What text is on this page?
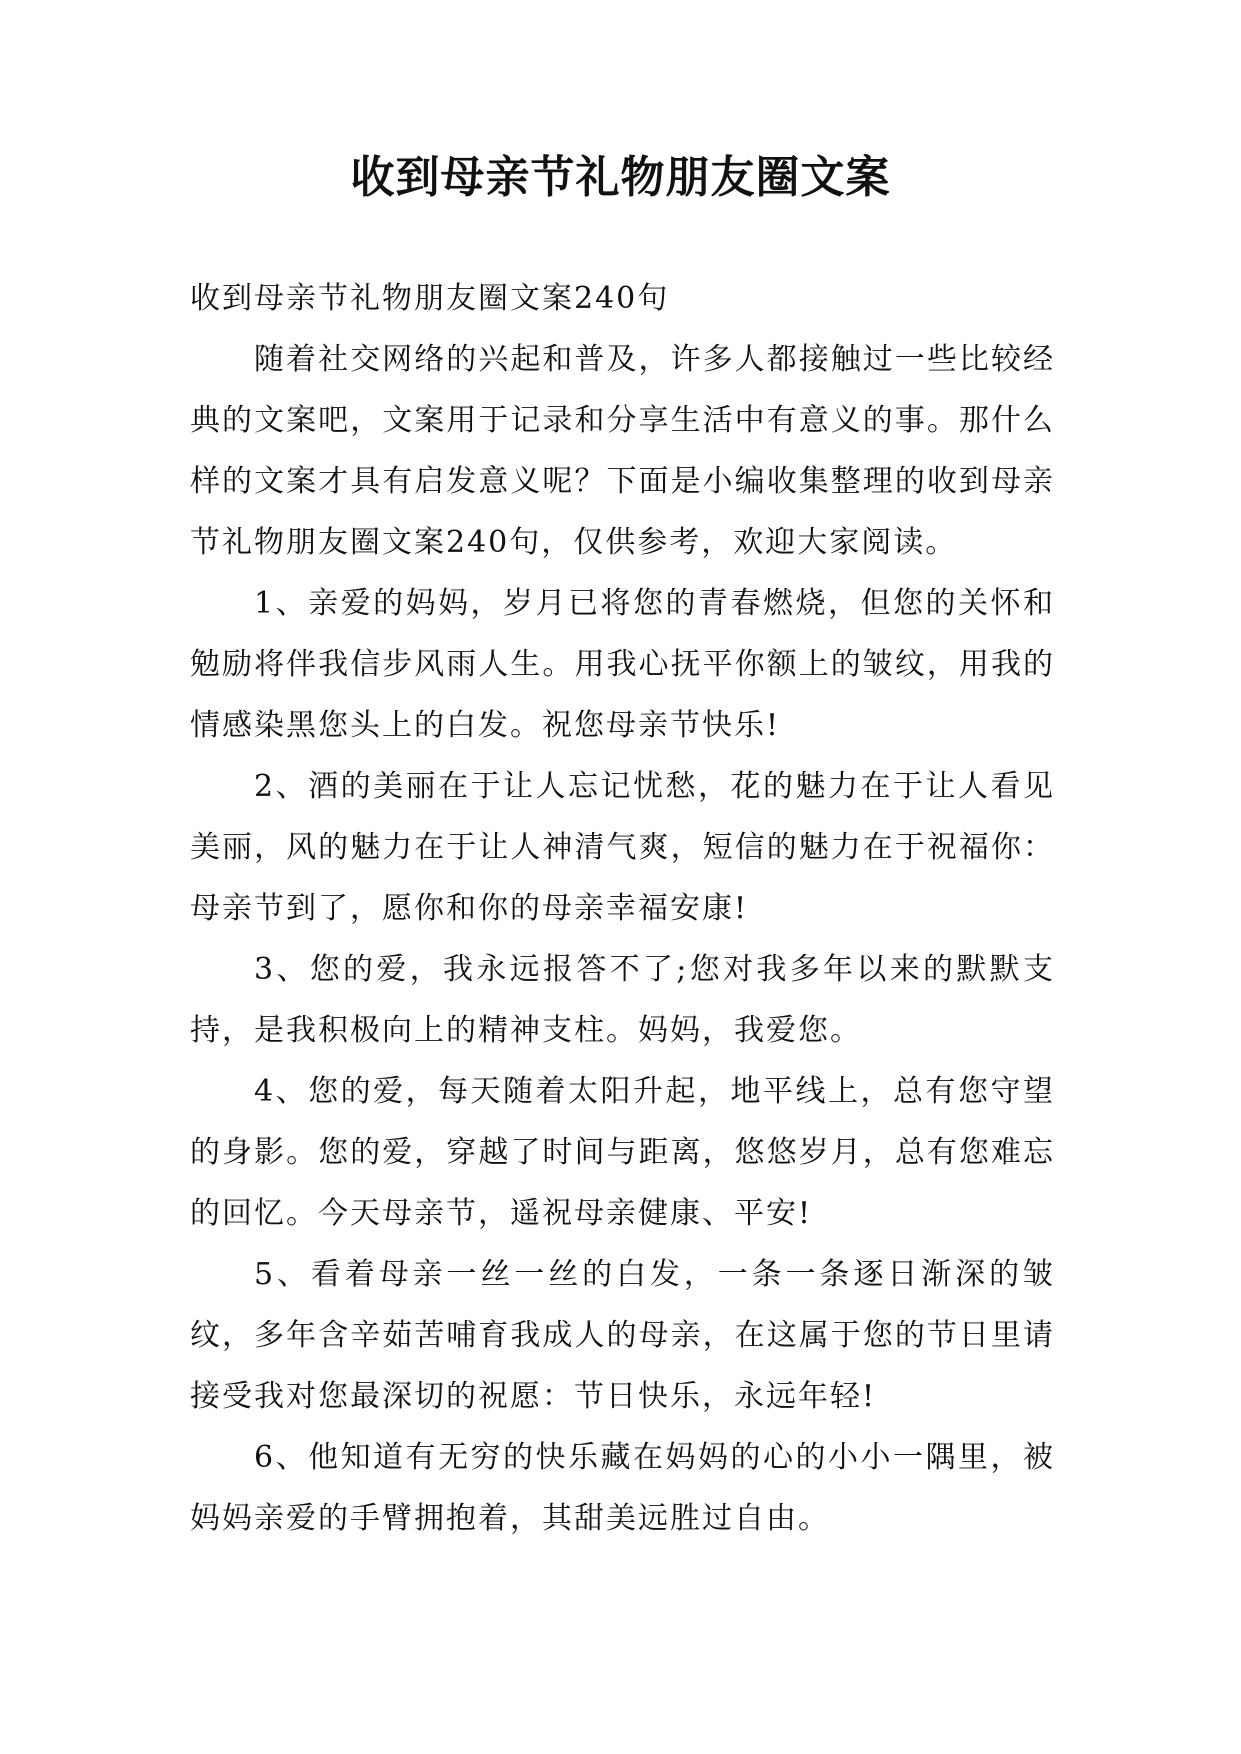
收到母亲节礼物朋友圈文案

收到母亲节礼物朋友圈文案240句

随着社交网络的兴起和普及，许多人都接触过一些比较经典的文案吧，文案用于记录和分享生活中有意义的事。那什么样的文案才具有启发意义呢？下面是小编收集整理的收到母亲节礼物朋友圈文案240句，仅供参考，欢迎大家阅读。

1、亲爱的妈妈，岁月已将您的青春燃烧，但您的关怀和勉励将伴我信步风雨人生。用我心抚平你额上的皱纹，用我的情感染黑您头上的白发。祝您母亲节快乐!

2、酒的美丽在于让人忘记忧愁，花的魅力在于让人看见美丽，风的魅力在于让人神清气爽，短信的魅力在于祝福你：母亲节到了，愿你和你的母亲幸福安康!

3、您的爱，我永远报答不了;您对我多年以来的默默支持，是我积极向上的精神支柱。妈妈，我爱您。

4、您的爱，每天随着太阳升起，地平线上，总有您守望的身影。您的爱，穿越了时间与距离，悠悠岁月，总有您难忘的回忆。今天母亲节，遥祝母亲健康、平安!

5、看着母亲一丝一丝的白发，一条一条逐日渐深的皱纹，多年含辛茹苦哺育我成人的母亲，在这属于您的节日里请接受我对您最深切的祝愿：节日快乐，永远年轻!

6、他知道有无穷的快乐藏在妈妈的心的小小一隅里，被妈妈亲爱的手臂拥抱着，其甜美远胜过自由。
